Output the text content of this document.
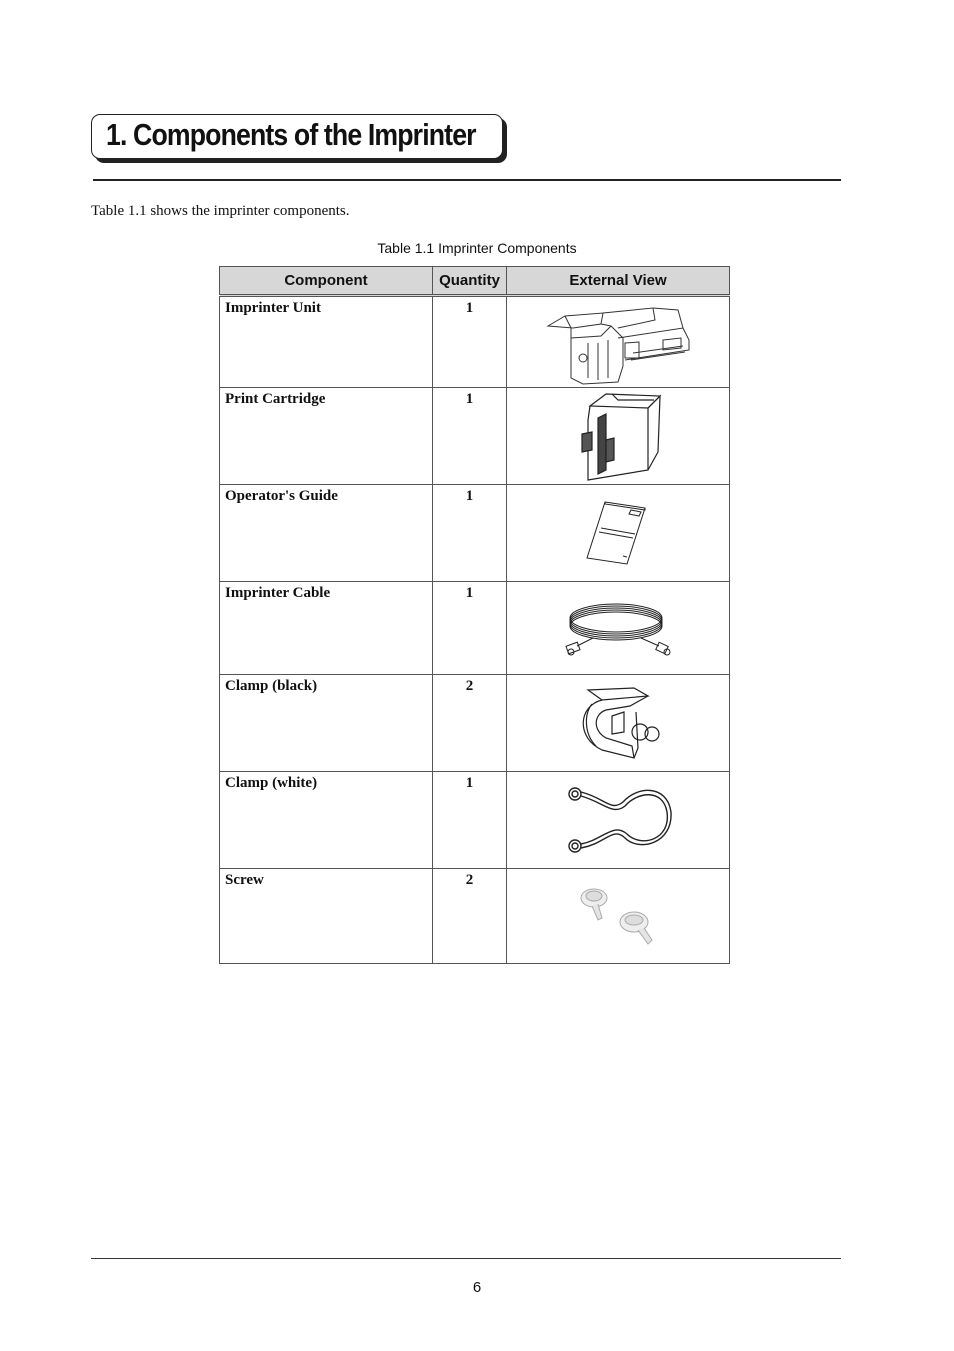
1. Components of the Imprinter
Table 1.1 shows the imprinter components.
Table 1.1 Imprinter Components
Component	Quantity	External View
Imprinter Unit	1	

Print Cartridge	1	

Operator's Guide	1	

Imprinter Cable	1	

Clamp (black)	2	

Clamp (white)	1	

Screw	2	
6
